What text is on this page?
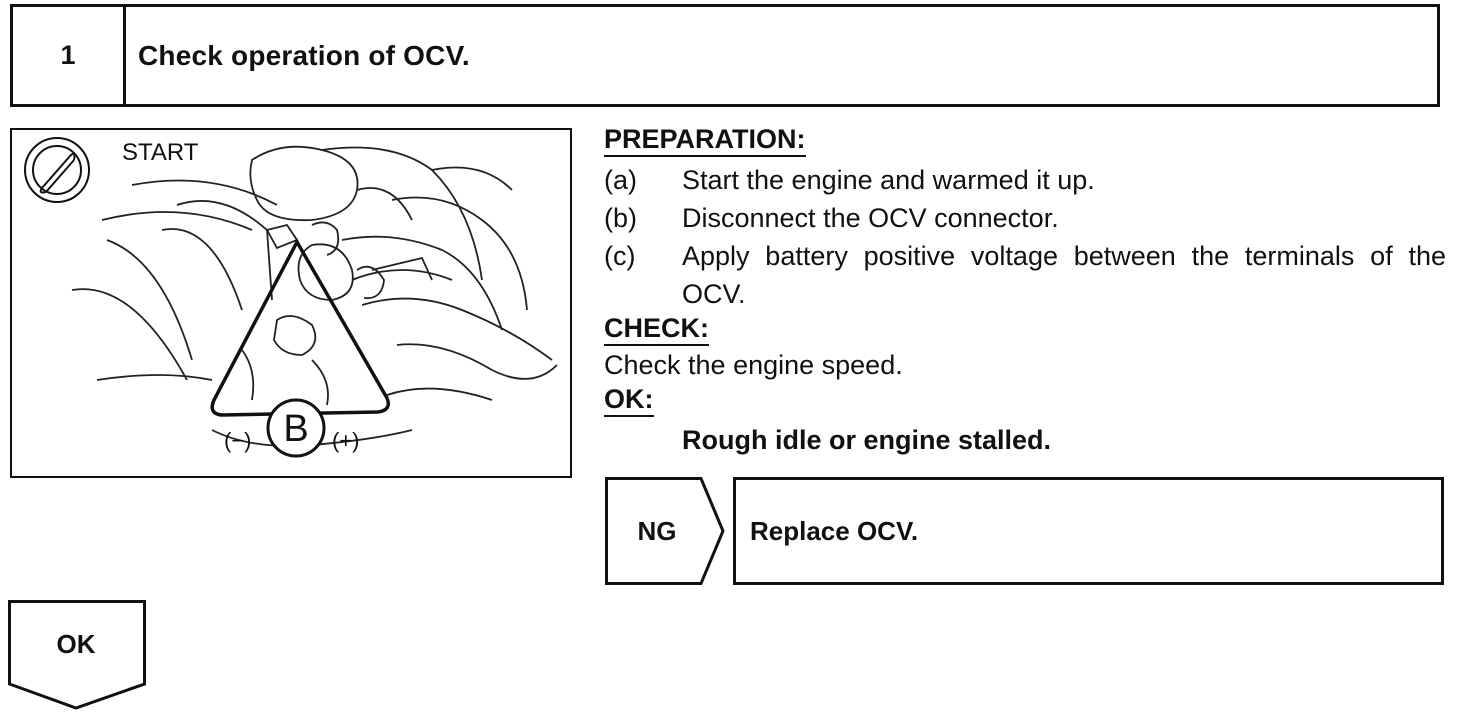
1	Check operation of OCV.
B
START
(−)	(+)
PREPARATION:
(a)	Start the engine and warmed it up.
(b)	Disconnect the OCV connector.
(c)	Apply battery positive voltage between the terminals of the OCV.
CHECK:
Check the engine speed.
OK:
Rough idle or engine stalled.
NG	Replace OCV.
OK
